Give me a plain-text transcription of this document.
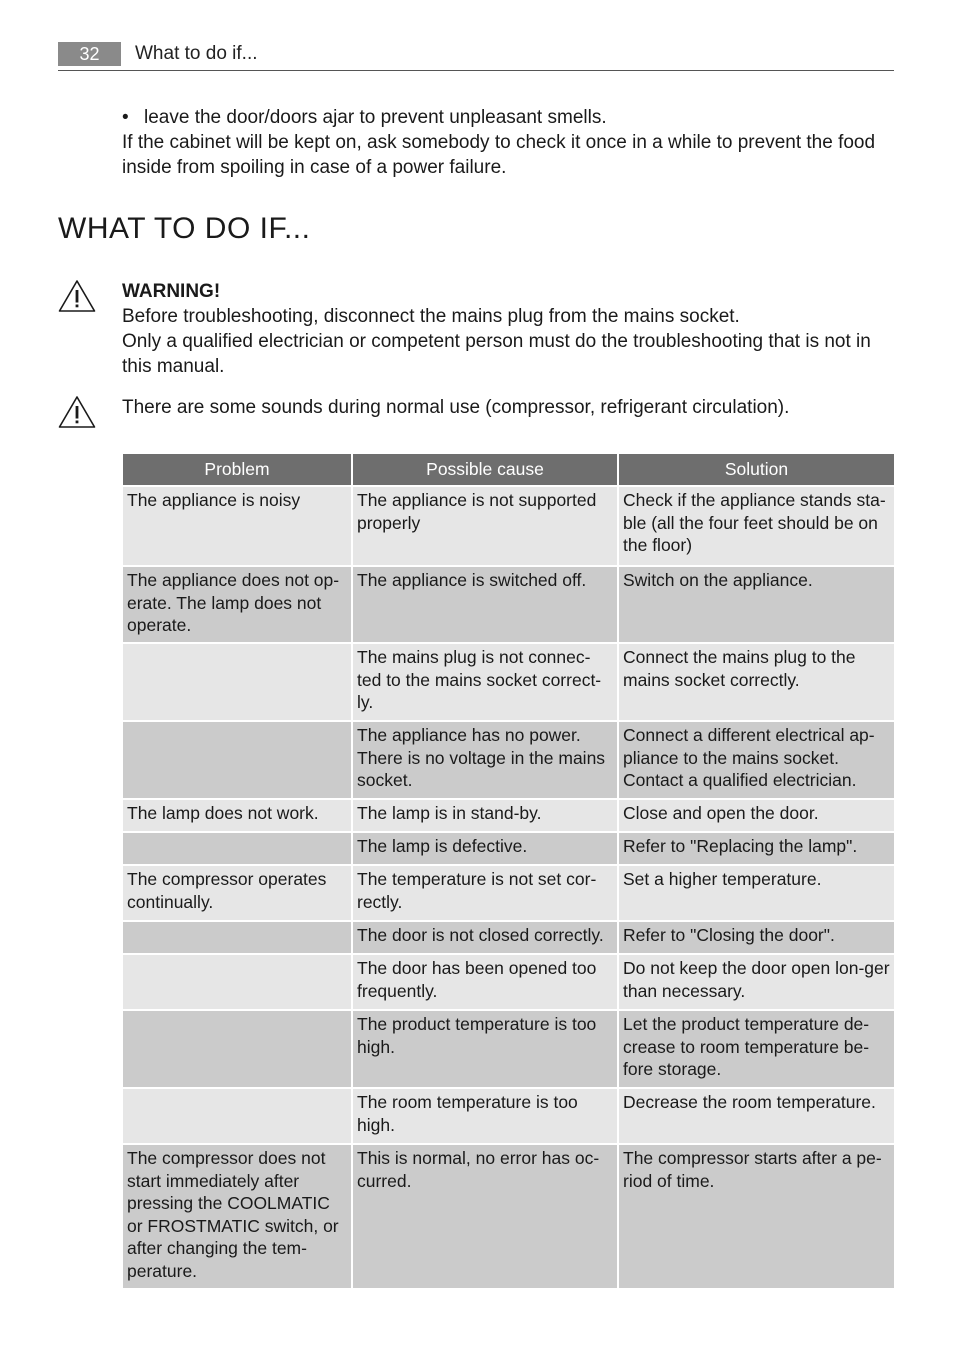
32	What to do if...
• leave the door/doors ajar to prevent unpleasant smells.

If the cabinet will be kept on, ask somebody to check it once in a while to prevent the food inside from spoiling in case of a power failure.

WHAT TO DO IF...

WARNING!

Before troubleshooting, disconnect the mains plug from the mains socket.

Only a qualified electrician or competent person must do the troubleshooting that is not in this manual.

There are some sounds during normal use (compressor, refrigerant circulation).
Problem	Possible cause	Solution
The appliance is noisy	The appliance is not supported properly	Check if the appliance stands sta-ble (all the four feet should be on the floor)
The appliance does not op-erate. The lamp does not operate.	The appliance is switched off.	Switch on the appliance.
	The mains plug is not connec-ted to the mains socket correct-ly.	Connect the mains plug to the mains socket correctly.
	The appliance has no power. There is no voltage in the mains socket.	Connect a different electrical ap-pliance to the mains socket. Contact a qualified electrician.
The lamp does not work.	The lamp is in stand-by.	Close and open the door.
	The lamp is defective.	Refer to "Replacing the lamp".
The compressor operates continually.	The temperature is not set cor-rectly.	Set a higher temperature.
	The door is not closed correctly.	Refer to "Closing the door".
	The door has been opened too frequently.	Do not keep the door open lon-ger than necessary.
	The product temperature is too high.	Let the product temperature de-crease to room temperature be-fore storage.
	The room temperature is too high.	Decrease the room temperature.
The compressor does not start immediately after pressing the COOLMATIC or FROSTMATIC switch, or after changing the tem-perature.	This is normal, no error has oc-curred.	The compressor starts after a pe-riod of time.
